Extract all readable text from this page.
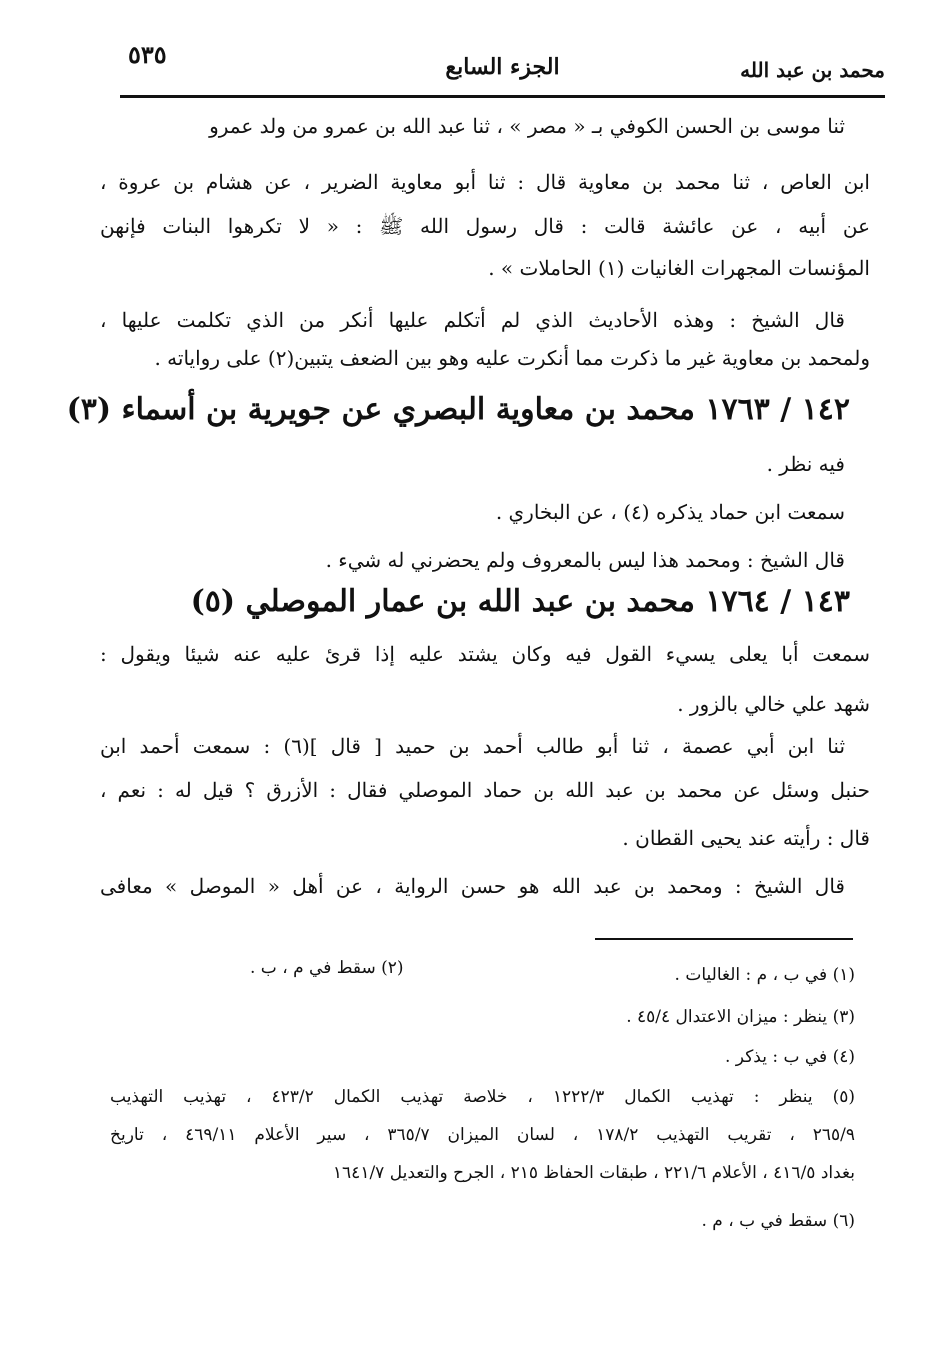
محمد بن عبد الله
الجزء السابع
٥٣٥
ثنا موسى بن الحسن الكوفي بـ « مصر » ، ثنا عبد الله بن عمرو من ولد عمرو
ابن العاص ، ثنا محمد بن معاوية قال : ثنا أبو معاوية الضرير ، عن هشام بن عروة ،
عن أبيه ، عن عائشة قالت : قال رسول الله ﷺ : « لا تكرهوا البنات فإنهن
المؤنسات المجهرات الغانيات (١) الحاملات » .
قال الشيخ : وهذه الأحاديث الذي لم أتكلم عليها أنكر من الذي تكلمت عليها ،
ولمحمد بن معاوية غير ما ذكرت مما أنكرت عليه وهو بين الضعف يتبين(٢) على رواياته .
١٤٢ / ١٧٦٣ محمد بن معاوية البصري عن جويرية بن أسماء (٣)
فيه نظر .
سمعت ابن حماد يذكره (٤) ، عن البخاري .
قال الشيخ : ومحمد هذا ليس بالمعروف ولم يحضرني له شيء .
١٤٣ / ١٧٦٤ محمد بن عبد الله بن عمار الموصلي (٥)
سمعت أبا يعلى يسيء القول فيه وكان يشتد عليه إذا قرئ عليه عنه شيئا ويقول :
شهد علي خالي بالزور .
ثنا ابن أبي عصمة ، ثنا أبو طالب أحمد بن حميد [ قال ](٦) : سمعت أحمد ابن
حنبل وسئل عن محمد بن عبد الله بن حماد الموصلي فقال : الأزرق ؟ قيل له : نعم ،
قال : رأيته عند يحيى القطان .
قال الشيخ : ومحمد بن عبد الله هو حسن الرواية ، عن أهل « الموصل » معافى
(١) في ب ، م : الغاليات .
(٢) سقط في م ، ب .
(٣) ينظر : ميزان الاعتدال ٤٥/٤ .
(٤) في ب : يذكر .
(٥) ينظر : تهذيب الكمال ١٢٢٢/٣ ، خلاصة تهذيب الكمال ٤٢٣/٢ ، تهذيب التهذيب
٢٦٥/٩ ، تقريب التهذيب ١٧٨/٢ ، لسان الميزان ٣٦٥/٧ ، سير الأعلام ٤٦٩/١١ ، تاريخ
بغداد ٤١٦/٥ ، الأعلام ٢٢١/٦ ، طبقات الحفاظ ٢١٥ ، الجرح والتعديل ١٦٤١/٧
(٦) سقط في ب ، م .
